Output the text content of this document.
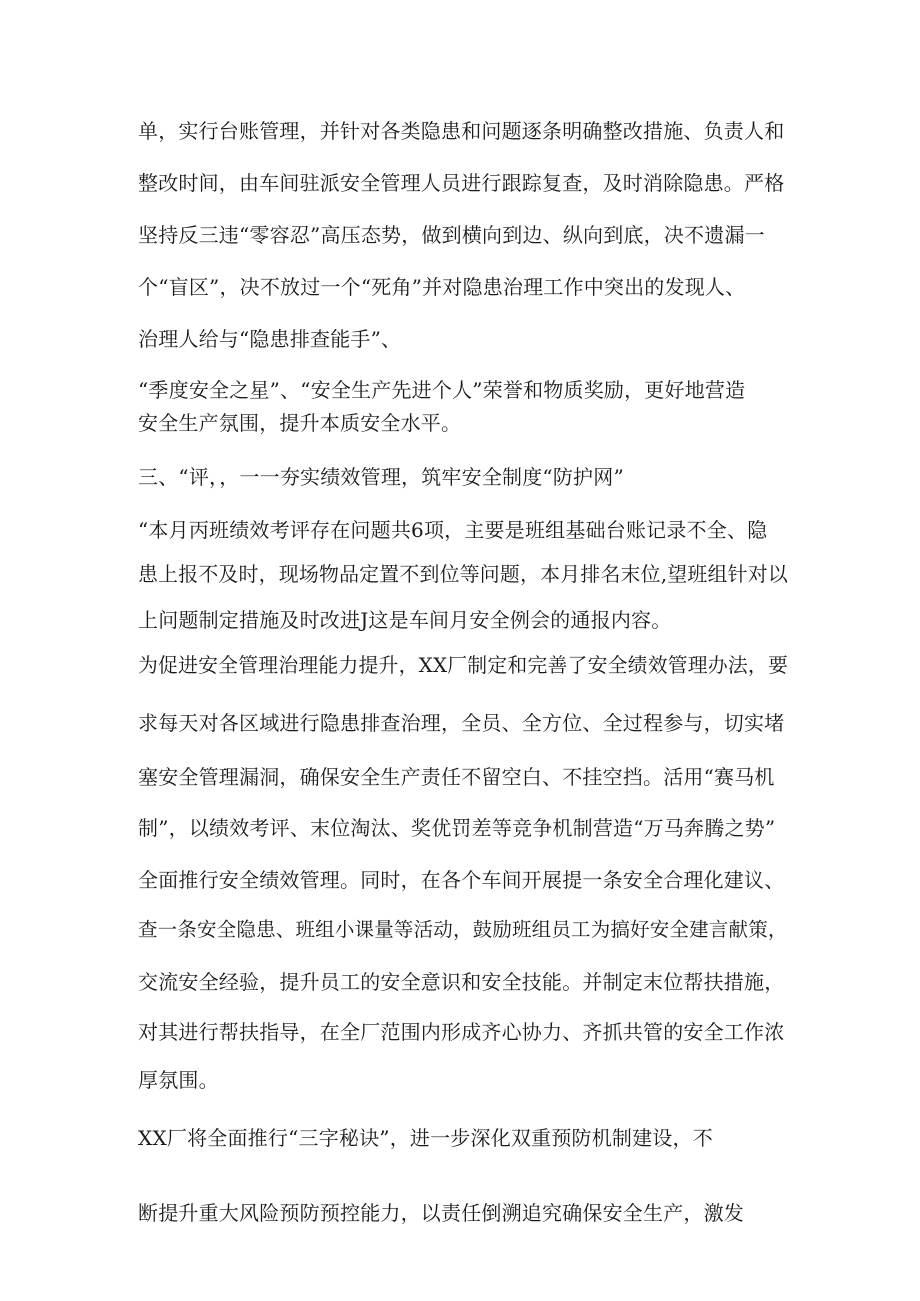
单，实行台账管理，并针对各类隐患和问题逐条明确整改措施、负责人和
整改时间，由车间驻派安全管理人员进行跟踪复查，及时消除隐患。严格
坚持反三违“零容忍”高压态势，做到横向到边、纵向到底，决不遗漏一
个“盲区”，决不放过一个“死角”并对隐患治理工作中突出的发现人、
治理人给与“隐患排查能手”、
“季度安全之星”、“安全生产先进个人”荣誉和物质奖励，更好地营造
安全生产氛围，提升本质安全水平。
三、“评，，一一夯实绩效管理，筑牢安全制度“防护网”
“本月丙班绩效考评存在问题共6项，主要是班组基础台账记录不全、隐
患上报不及时，现场物品定置不到位等问题，本月排名末位,望班组针对以
上问题制定措施及时改进J这是车间月安全例会的通报内容。
为促进安全管理治理能力提升，XX厂制定和完善了安全绩效管理办法，要
求每天对各区域进行隐患排查治理，全员、全方位、全过程参与，切实堵
塞安全管理漏洞，确保安全生产责任不留空白、不挂空挡。活用“赛马机
制”，以绩效考评、末位淘汰、奖优罚差等竞争机制营造“万马奔腾之势”
全面推行安全绩效管理。同时，在各个车间开展提一条安全合理化建议、
查一条安全隐患、班组小课量等活动，鼓励班组员工为搞好安全建言献策，
交流安全经验，提升员工的安全意识和安全技能。并制定末位帮扶措施，
对其进行帮扶指导，在全厂范围内形成齐心协力、齐抓共管的安全工作浓
厚氛围。
XX厂将全面推行“三字秘诀”，进一步深化双重预防机制建设，不
断提升重大风险预防预控能力，以责任倒溯追究确保安全生产，激发
